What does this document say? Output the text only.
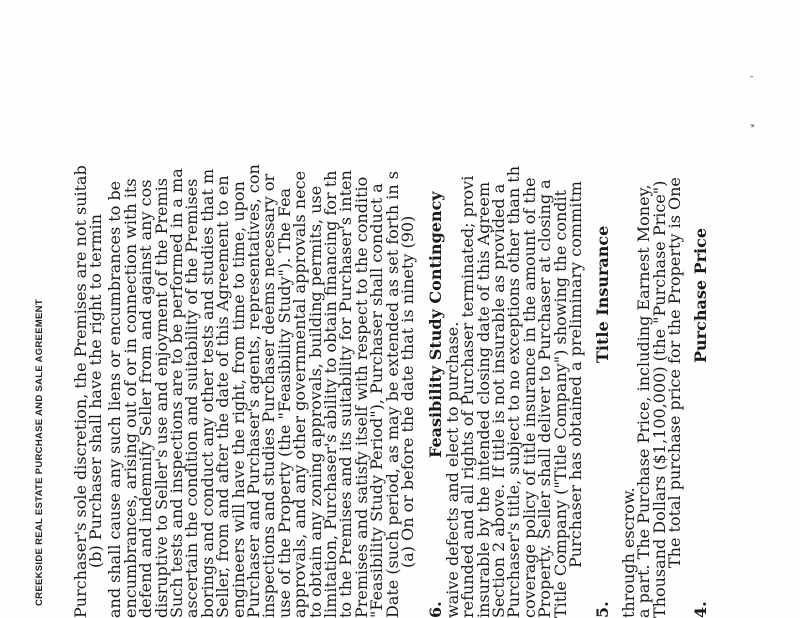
4.
Purchase Price
The total purchase price for the Property is One
Thousand Dollars ($1,100,000) (the "Purchase Price")
a part. The Purchase Price, including Earnest Money,
through escrow.
5.
Title Insurance
Purchaser has obtained a preliminary commitm
Title Company ("Title Company") showing the condit
Property. Seller shall deliver to Purchaser at closing a
coverage policy of title insurance in the amount of the
Purchaser's title, subject to no exceptions other than th
Section 2 above. If title is not insurable as provided a
insurable by the intended closing date of this Agreem
refunded and all rights of Purchaser terminated; provi
waive defects and elect to purchase.
6.
Feasibility Study Contingency
(a) On or before the date that is ninety (90)
Date (such period, as may be extended as set forth in s
"Feasibility Study Period"), Purchaser shall conduct a
Premises and satisfy itself with respect to the conditio
to the Premises and its suitability for Purchaser's inten
limitation, Purchaser's ability to obtain financing for th
to obtain any zoning approvals, building permits, use
approvals, and any other governmental approvals nece
use of the Property (the "Feasibility Study"). The Fea
inspections and studies Purchaser deems necessary or
Purchaser and Purchaser's agents, representatives, con
engineers will have the right, from time to time, upon
Seller, from and after the date of this Agreement to en
borings and conduct any other tests and studies that m
ascertain the condition and suitability of the Premises
Such tests and inspections are to be performed in a ma
disruptive to Seller's use and enjoyment of the Premis
defend and indemnify Seller from and against any cos
encumbrances, arising out of or in connection with its
and shall cause any such liens or encumbrances to be
(b) Purchaser shall have the right to termin
Purchaser's sole discretion, the Premises are not suitab
CREEKSIDE REAL ESTATE PURCHASE AND SALE AGREEMENT
'
*
